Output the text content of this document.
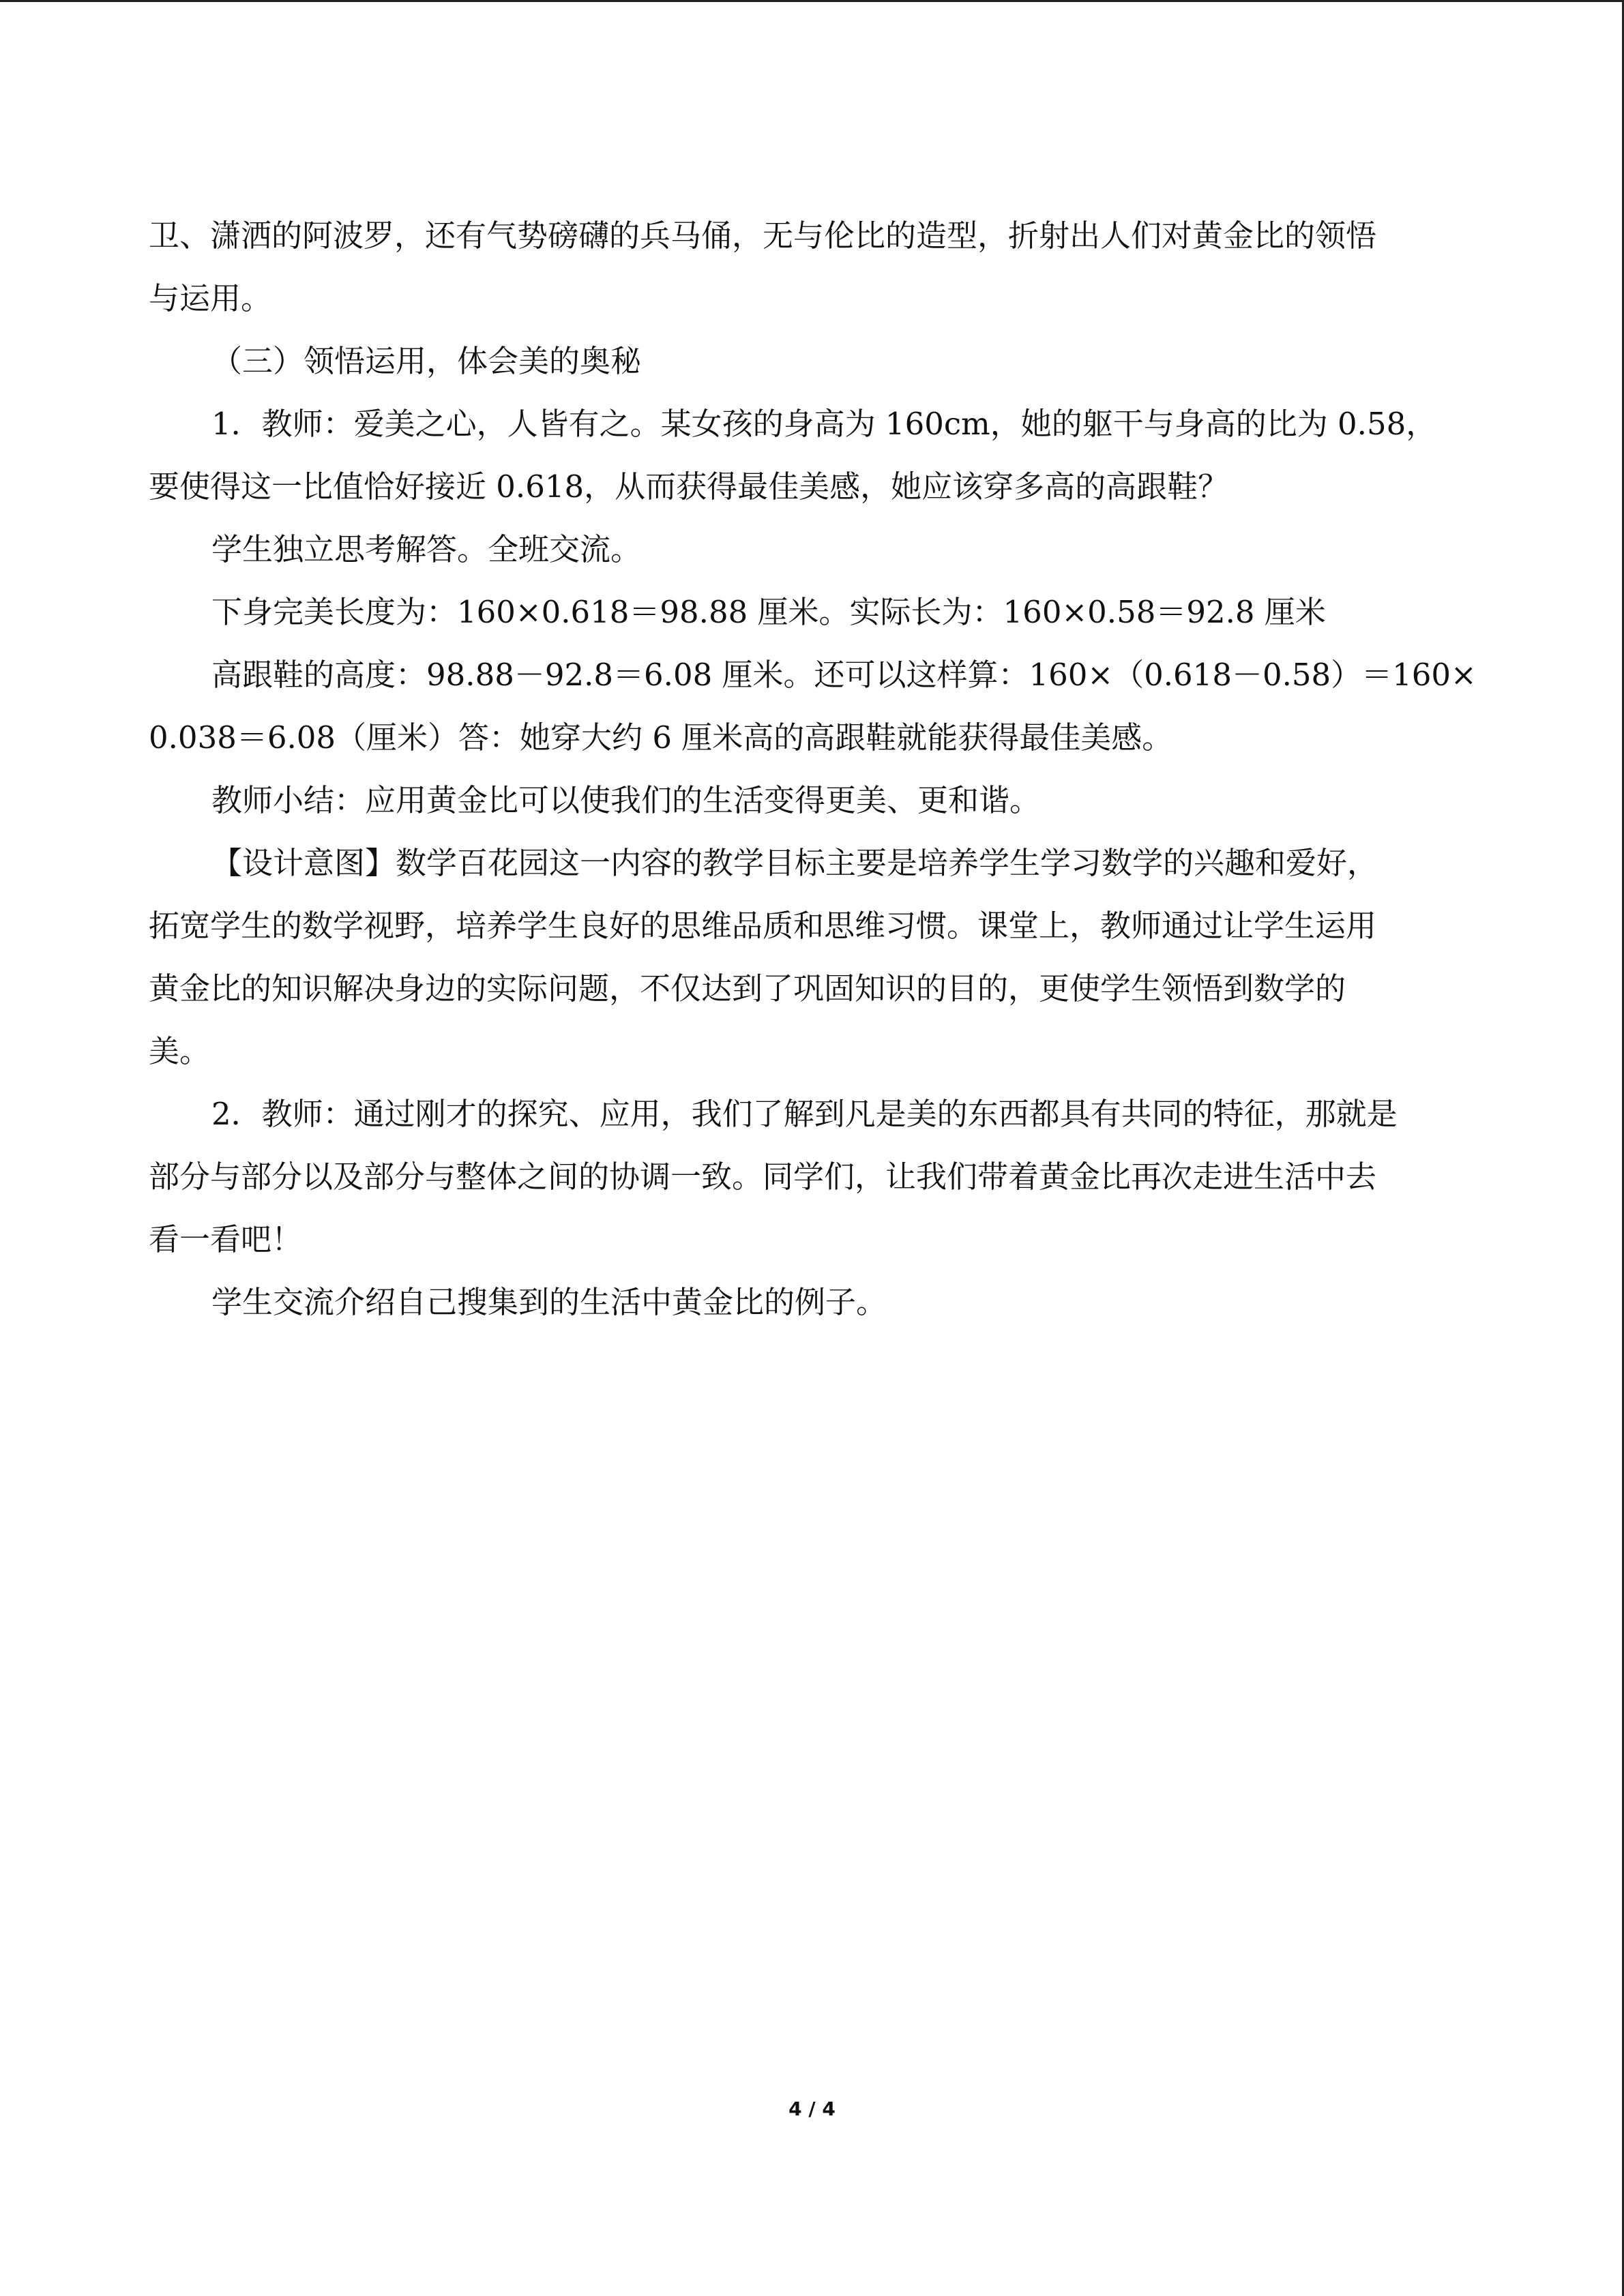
卫、潇洒的阿波罗，还有气势磅礴的兵马俑，无与伦比的造型，折射出人们对黄金比的领悟

与运用。

（三）领悟运用，体会美的奥秘

1．教师：爱美之心，人皆有之。某女孩的身高为 160cm，她的躯干与身高的比为 0.58，

要使得这一比值恰好接近 0.618，从而获得最佳美感，她应该穿多高的高跟鞋？

学生独立思考解答。全班交流。

下身完美长度为：160×0.618＝98.88 厘米。实际长为：160×0.58＝92.8 厘米

高跟鞋的高度：98.88－92.8＝6.08 厘米。还可以这样算：160×（0.618－0.58）＝160×

0.038＝6.08（厘米）答：她穿大约 6 厘米高的高跟鞋就能获得最佳美感。

教师小结：应用黄金比可以使我们的生活变得更美、更和谐。

【设计意图】数学百花园这一内容的教学目标主要是培养学生学习数学的兴趣和爱好，

拓宽学生的数学视野，培养学生良好的思维品质和思维习惯。课堂上，教师通过让学生运用

黄金比的知识解决身边的实际问题，不仅达到了巩固知识的目的，更使学生领悟到数学的

美。

2．教师：通过刚才的探究、应用，我们了解到凡是美的东西都具有共同的特征，那就是

部分与部分以及部分与整体之间的协调一致。同学们，让我们带着黄金比再次走进生活中去

看一看吧！

学生交流介绍自己搜集到的生活中黄金比的例子。

4 / 4
